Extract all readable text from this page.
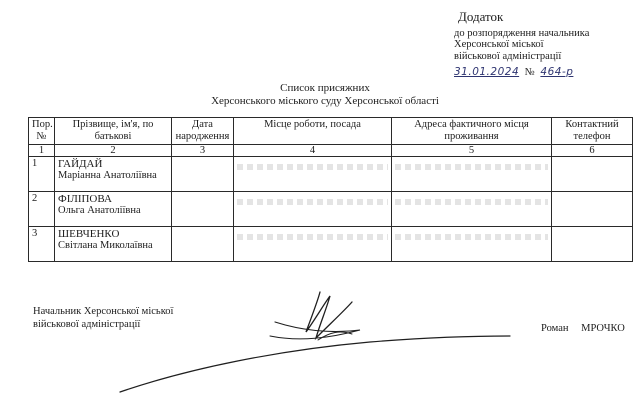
Додаток
до розпорядження начальника
Херсонської міської
військової адміністрації
31.01.2024 № 464-р
Список присяжних
Херсонського міського суду Херсонської області
Пор. №	Прізвище, ім'я, по батькові	Дата народження	Місце роботи, посада	Адреса фактичного місця проживання	Контактний телефон
1	2	3	4	5	6
1	ГАЙДАЙ
Маріанна Анатоліївна				

2	ФІЛІПОВА
Ольга Анатоліївна				

3	ШЕВЧЕНКО
Світлана Миколаївна				

Начальник Херсонської міської
військової адміністрації	Роман МРОЧКО
